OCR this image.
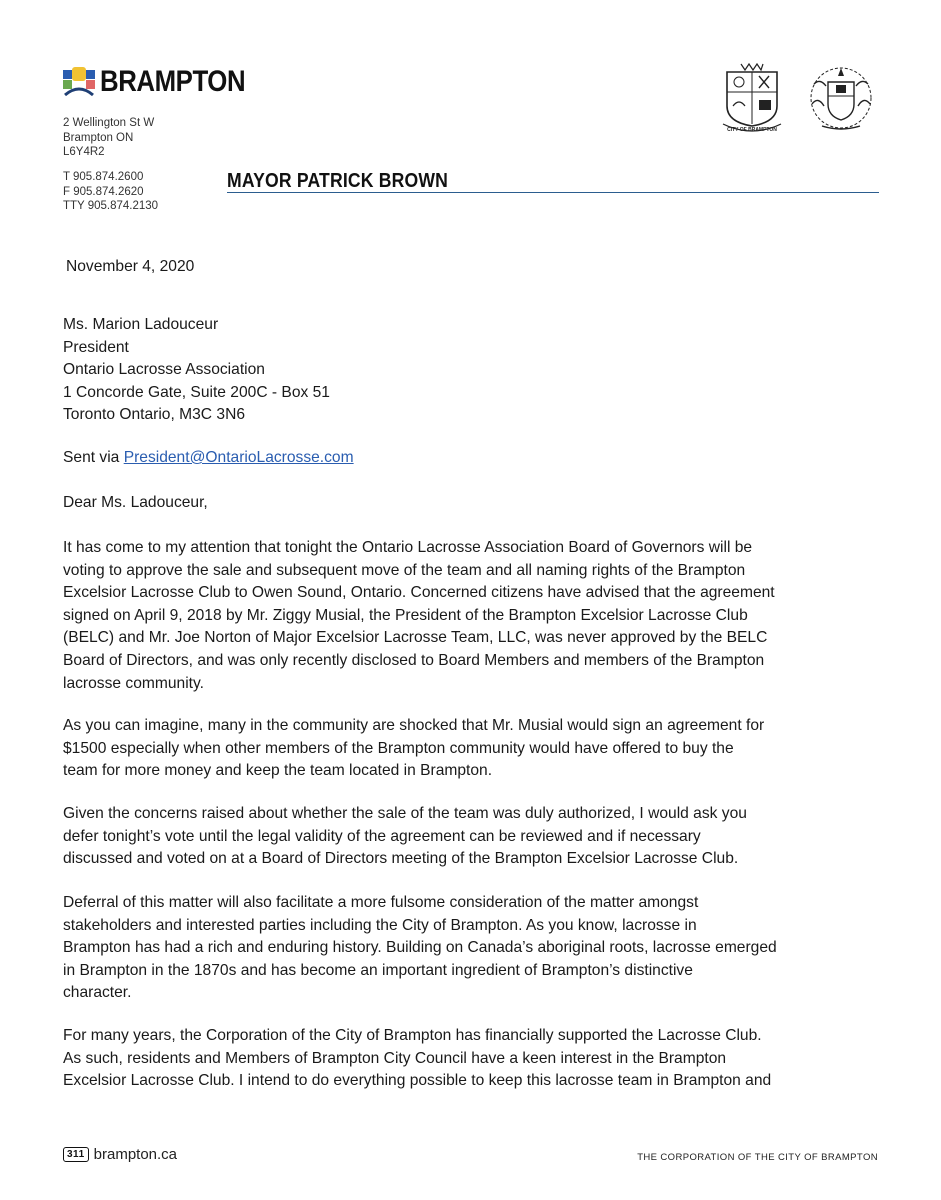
BRAMPTON
2 Wellington St W
Brampton ON
L6Y4R2
T 905.874.2600
F 905.874.2620
TTY 905.874.2130
MAYOR PATRICK BROWN
CITY OF BRAMPTON
November 4, 2020
Ms. Marion Ladouceur
President
Ontario Lacrosse Association
1 Concorde Gate, Suite 200C - Box 51
Toronto Ontario, M3C 3N6
Sent via President@OntarioLacrosse.com
Dear Ms. Ladouceur,
It has come to my attention that tonight the Ontario Lacrosse Association Board of Governors will be
voting to approve the sale and subsequent move of the team and all naming rights of the Brampton
Excelsior Lacrosse Club to Owen Sound, Ontario. Concerned citizens have advised that the agreement
signed on April 9, 2018 by Mr. Ziggy Musial, the President of the Brampton Excelsior Lacrosse Club
(BELC) and Mr. Joe Norton of Major Excelsior Lacrosse Team, LLC, was never approved by the BELC
Board of Directors, and was only recently disclosed to Board Members and members of the Brampton
lacrosse community.
As you can imagine, many in the community are shocked that Mr. Musial would sign an agreement for
$1500 especially when other members of the Brampton community would have offered to buy the
team for more money and keep the team located in Brampton.
Given the concerns raised about whether the sale of the team was duly authorized, I would ask you
defer tonight’s vote until the legal validity of the agreement can be reviewed and if necessary
discussed and voted on at a Board of Directors meeting of the Brampton Excelsior Lacrosse Club.
Deferral of this matter will also facilitate a more fulsome consideration of the matter amongst
stakeholders and interested parties including the City of Brampton. As you know, lacrosse in
Brampton has had a rich and enduring history. Building on Canada’s aboriginal roots, lacrosse emerged
in Brampton in the 1870s and has become an important ingredient of Brampton’s distinctive
character.
For many years, the Corporation of the City of Brampton has financially supported the Lacrosse Club.
As such, residents and Members of Brampton City Council have a keen interest in the Brampton
Excelsior Lacrosse Club. I intend to do everything possible to keep this lacrosse team in Brampton and
311 brampton.ca	THE CORPORATION OF THE CITY OF BRAMPTON
